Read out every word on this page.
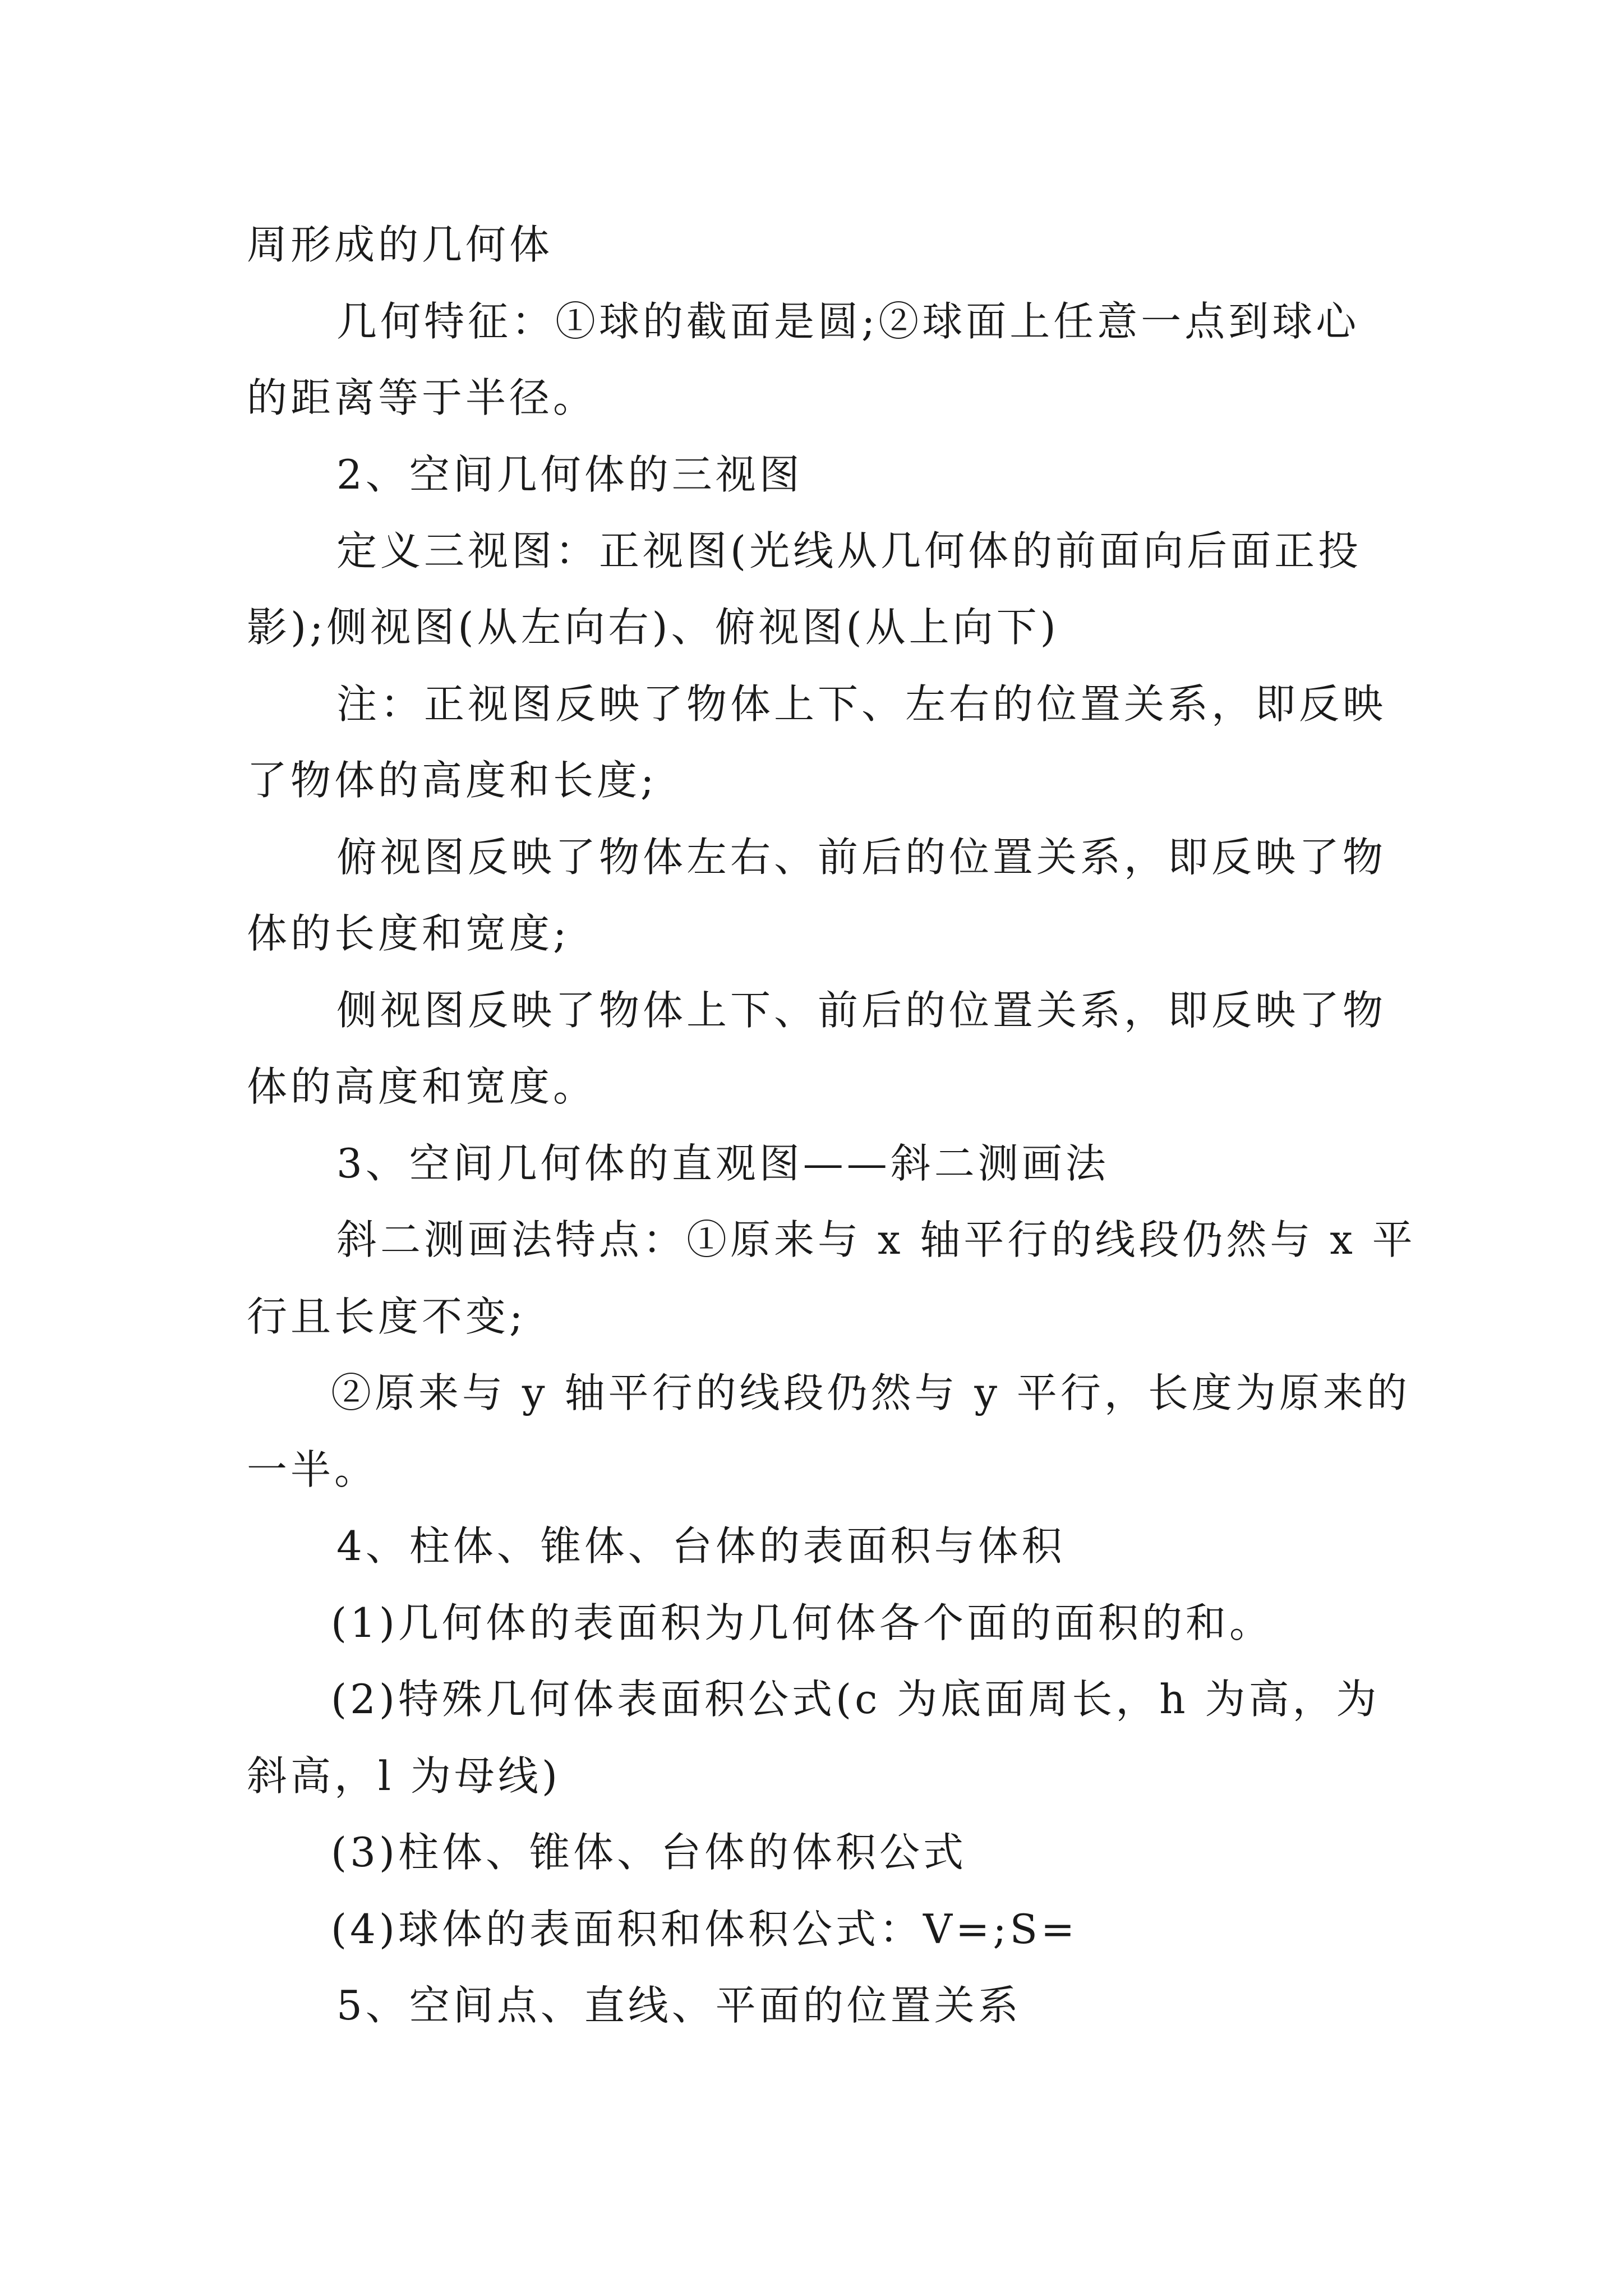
周形成的几何体
几何特征：①球的截面是圆;②球面上任意一点到球心
的距离等于半径。
2、空间几何体的三视图
定义三视图：正视图(光线从几何体的前面向后面正投
影);侧视图(从左向右)、俯视图(从上向下)
注：正视图反映了物体上下、左右的位置关系，即反映
了物体的高度和长度;
俯视图反映了物体左右、前后的位置关系，即反映了物
体的长度和宽度;
侧视图反映了物体上下、前后的位置关系，即反映了物
体的高度和宽度。
3、空间几何体的直观图——斜二测画法
斜二测画法特点：①原来与 x 轴平行的线段仍然与 x 平
行且长度不变;
②原来与 y 轴平行的线段仍然与 y 平行，长度为原来的
一半。
4、柱体、锥体、台体的表面积与体积
(1)几何体的表面积为几何体各个面的面积的和。
(2)特殊几何体表面积公式(c 为底面周长，h 为高，为
斜高，l 为母线)
(3)柱体、锥体、台体的体积公式
(4)球体的表面积和体积公式：V=;S=
5、空间点、直线、平面的位置关系
